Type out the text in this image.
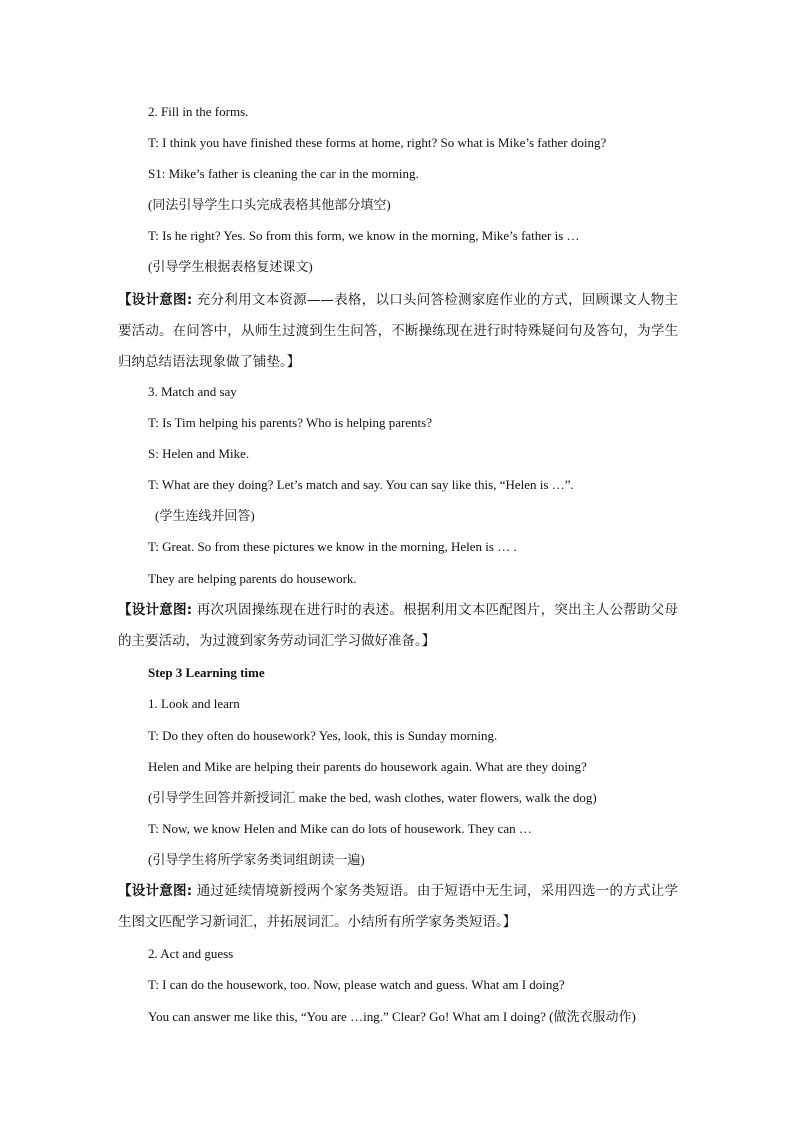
2. Fill in the forms.
T: I think you have finished these forms at home, right? So what is Mike’s father doing?
S1: Mike’s father is cleaning the car in the morning.
(同法引导学生口头完成表格其他部分填空)
T: Is he right? Yes. So from this form, we know in the morning, Mike’s father is …
(引导学生根据表格复述课文)
【设计意图: 充分利用文本资源——表格，以口头问答检测家庭作业的方式，回顾课文人物主要活动。在问答中，从师生过渡到生生问答，不断操练现在进行时特殊疑问句及答句，为学生归纳总结语法现象做了铺垫。】
3. Match and say
T: Is Tim helping his parents? Who is helping parents?
S: Helen and Mike.
T: What are they doing? Let’s match and say. You can say like this, “Helen is …”.
(学生连线并回答)
T: Great. So from these pictures we know in the morning, Helen is … .
They are helping parents do housework.
【设计意图: 再次巩固操练现在进行时的表述。根据利用文本匹配图片，突出主人公帮助父母的主要活动，为过渡到家务劳动词汇学习做好准备。】
Step 3 Learning time
1. Look and learn
T: Do they often do housework? Yes, look, this is Sunday morning.
Helen and Mike are helping their parents do housework again. What are they doing?
(引导学生回答并新授词汇 make the bed, wash clothes, water flowers, walk the dog)
T: Now, we know Helen and Mike can do lots of housework. They can …
(引导学生将所学家务类词组朗读一遍)
【设计意图: 通过延续情境新授两个家务类短语。由于短语中无生词，采用四选一的方式让学生图文匹配学习新词汇，并拓展词汇。小结所有所学家务类短语。】
2. Act and guess
T: I can do the housework, too. Now, please watch and guess. What am I doing?
You can answer me like this, “You are …ing.” Clear? Go! What am I doing? (做洗衣服动作)
